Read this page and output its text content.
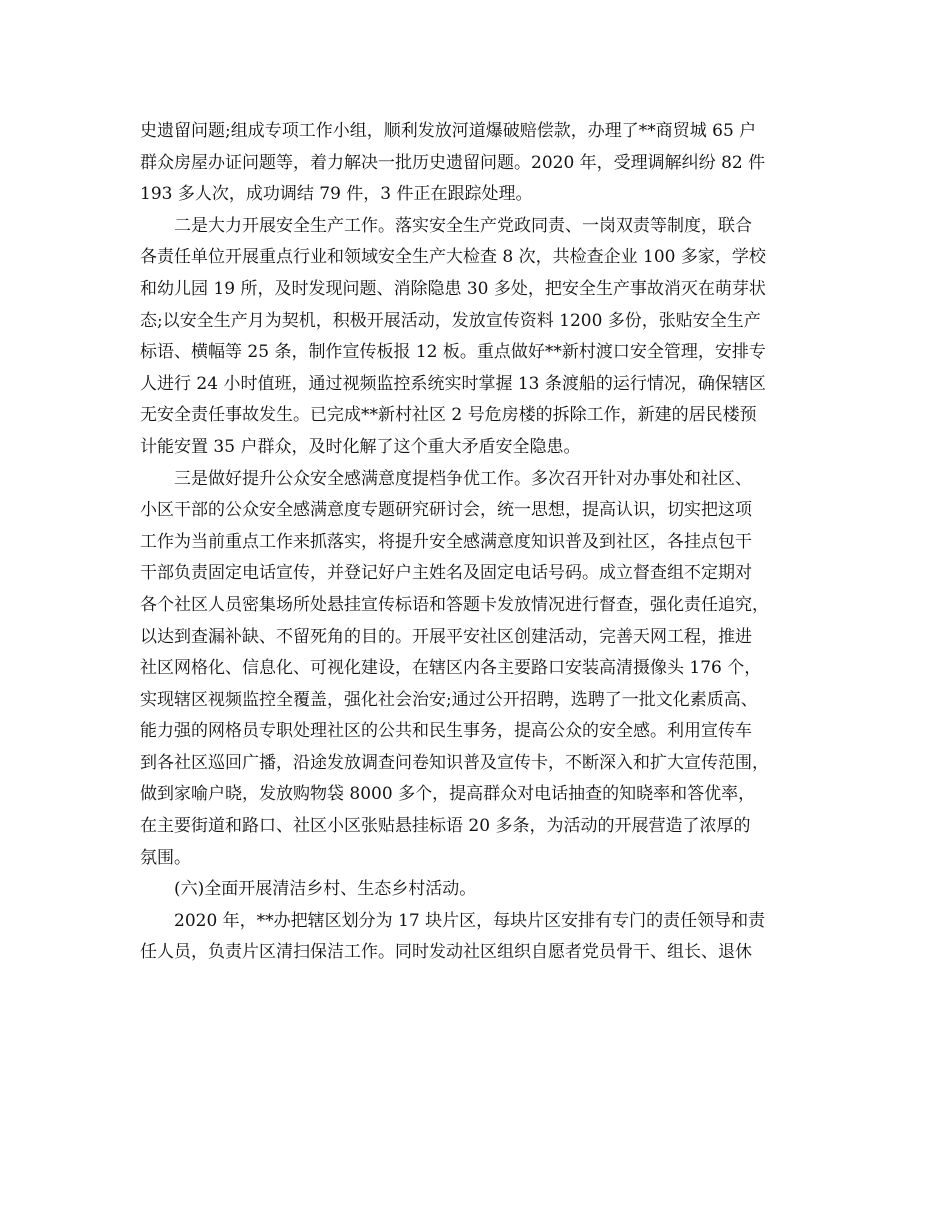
史遗留问题;组成专项工作小组，顺利发放河道爆破赔偿款，办理了**商贸城 65 户
群众房屋办证问题等，着力解决一批历史遗留问题。2020 年，受理调解纠纷 82 件
193 多人次，成功调结 79 件，3 件正在跟踪处理。
二是大力开展安全生产工作。落实安全生产党政同责、一岗双责等制度，联合
各责任单位开展重点行业和领域安全生产大检查 8 次，共检查企业 100 多家，学校
和幼儿园 19 所，及时发现问题、消除隐患 30 多处，把安全生产事故消灭在萌芽状
态;以安全生产月为契机，积极开展活动，发放宣传资料 1200 多份，张贴安全生产
标语、横幅等 25 条，制作宣传板报 12 板。重点做好**新村渡口安全管理，安排专
人进行 24 小时值班，通过视频监控系统实时掌握 13 条渡船的运行情况，确保辖区
无安全责任事故发生。已完成**新村社区 2 号危房楼的拆除工作，新建的居民楼预
计能安置 35 户群众，及时化解了这个重大矛盾安全隐患。
三是做好提升公众安全感满意度提档争优工作。多次召开针对办事处和社区、
小区干部的公众安全感满意度专题研究研讨会，统一思想，提高认识，切实把这项
工作为当前重点工作来抓落实，将提升安全感满意度知识普及到社区，各挂点包干
干部负责固定电话宣传，并登记好户主姓名及固定电话号码。成立督查组不定期对
各个社区人员密集场所处悬挂宣传标语和答题卡发放情况进行督查，强化责任追究，
以达到查漏补缺、不留死角的目的。开展平安社区创建活动，完善天网工程，推进
社区网格化、信息化、可视化建设，在辖区内各主要路口安装高清摄像头 176 个，
实现辖区视频监控全覆盖，强化社会治安;通过公开招聘，选聘了一批文化素质高、
能力强的网格员专职处理社区的公共和民生事务，提高公众的安全感。利用宣传车
到各社区巡回广播，沿途发放调查问卷知识普及宣传卡，不断深入和扩大宣传范围，
做到家喻户晓，发放购物袋 8000 多个，提高群众对电话抽查的知晓率和答优率，
在主要街道和路口、社区小区张贴悬挂标语 20 多条，为活动的开展营造了浓厚的
氛围。
(六)全面开展清洁乡村、生态乡村活动。
2020 年，**办把辖区划分为 17 块片区，每块片区安排有专门的责任领导和责
任人员，负责片区清扫保洁工作。同时发动社区组织自愿者党员骨干、组长、退休
